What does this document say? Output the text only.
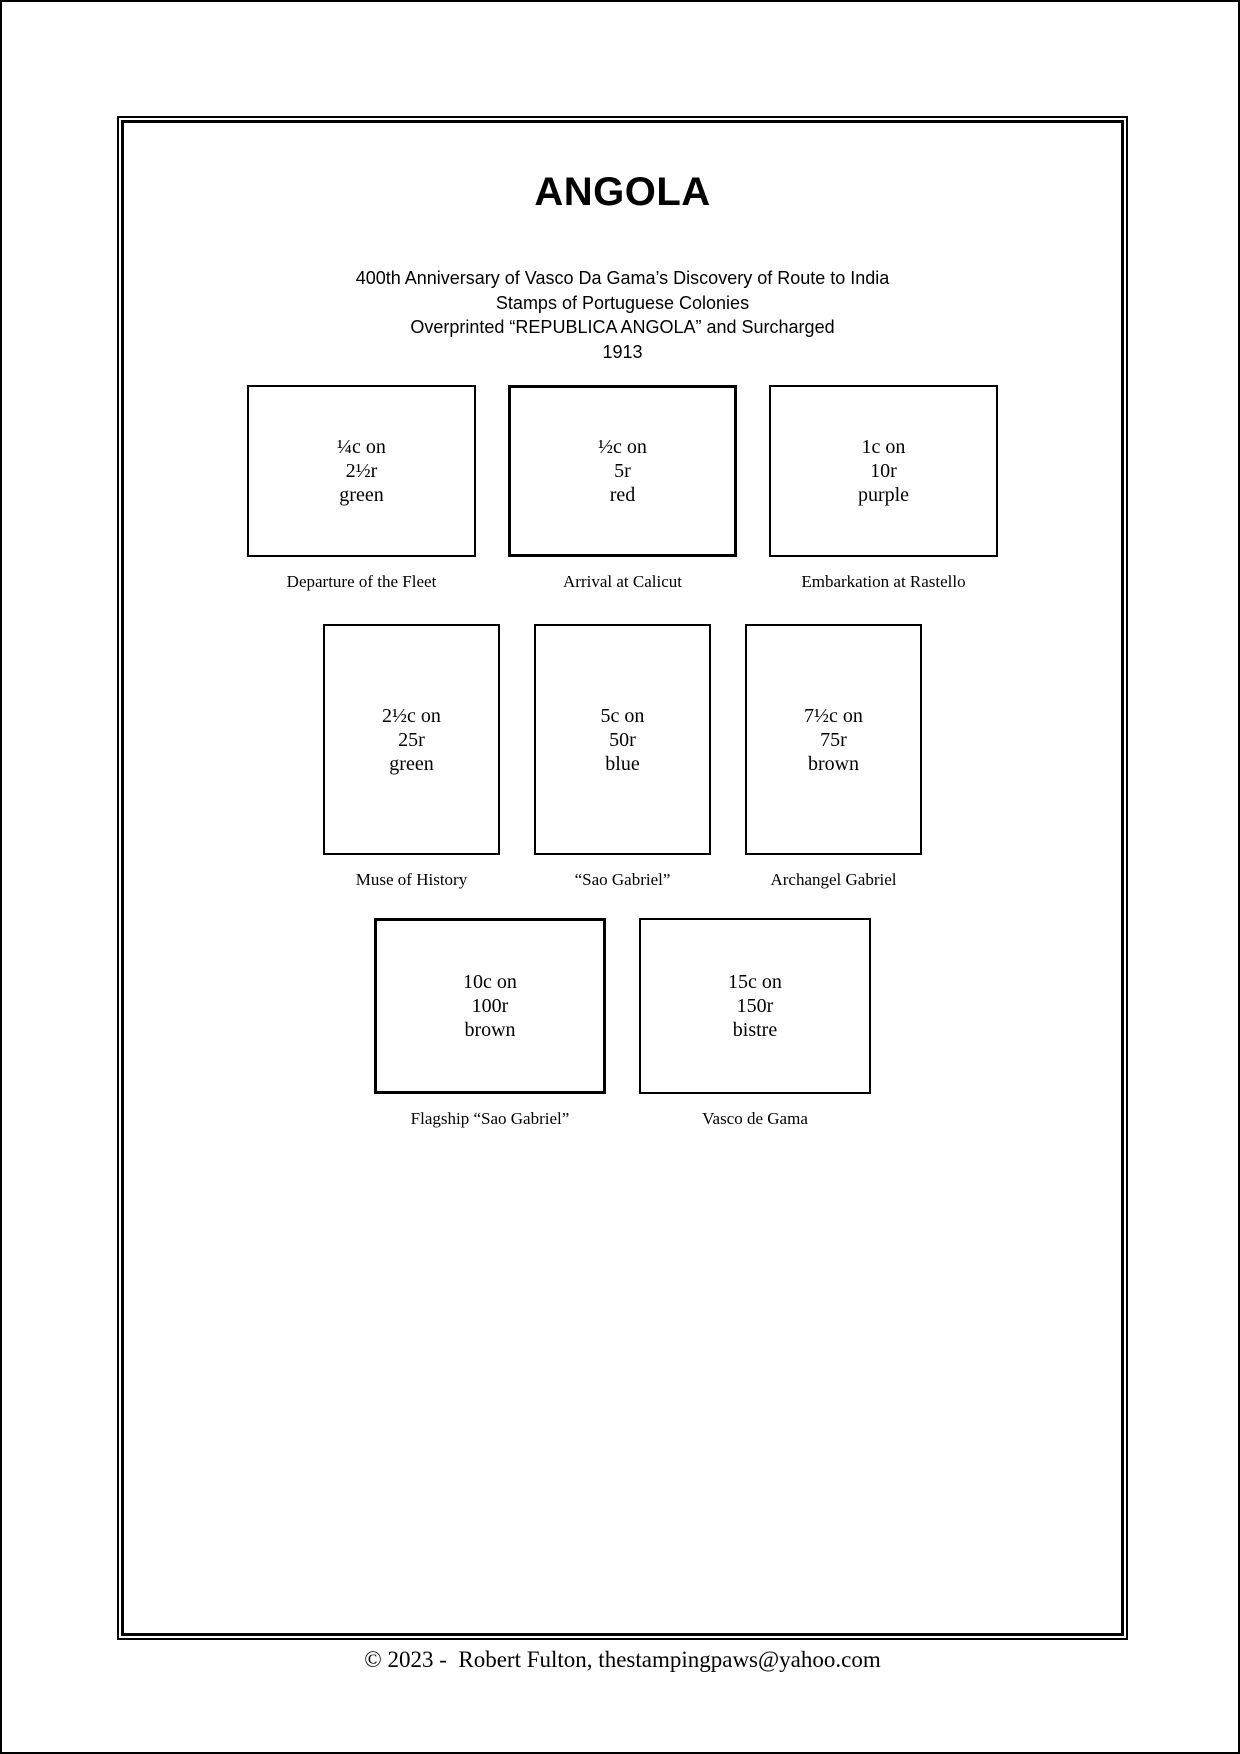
ANGOLA
400th Anniversary of Vasco Da Gama’s Discovery of Route to India
Stamps of Portuguese Colonies
Overprinted “REPUBLICA ANGOLA” and Surcharged
1913
¼c on
2½r
green
Departure of the Fleet
½c on
5r
red
Arrival at Calicut
1c on
10r
purple
Embarkation at Rastello
2½c on
25r
green
Muse of History
5c on
50r
blue
“Sao Gabriel”
7½c on
75r
brown
Archangel Gabriel
10c on
100r
brown
Flagship “Sao Gabriel”
15c on
150r
bistre
Vasco de Gama
© 2023 -  Robert Fulton, thestampingpaws@yahoo.com
